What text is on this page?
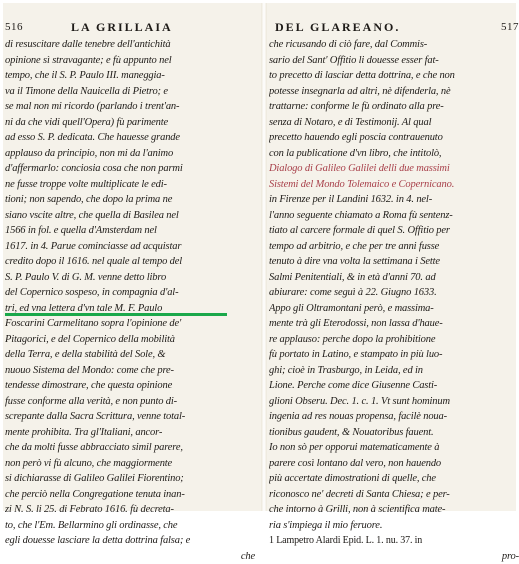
516	LA GRILLAIA
di resuscitare dalle tenebre dell'antichità
opinione sì stravagante; e fù appunto nel
tempo, che il S. P. Paulo III. maneggia-
va il Timone della Nauicella di Pietro; e
se mal non mi ricordo (parlando i trent'an-
ni da che vidi quell'Opera) fù parimente
ad esso S. P. dedicata. Che hauesse grande
applauso da principio, non mi da l'animo
d'affermarlo: conciosia cosa che non parmi
ne fusse troppe volte multiplicate le edi-
tioni; non sapendo, che dopo la prima ne
siano vscite altre, che quella di Basilea nel
1566 in fol. e quella d'Amsterdam nel
1617. in 4. Parue cominciasse ad acquistar
credito dopo il 1616. nel quale al tempo del
S. P. Paulo V. di G. M. venne detto libro
del Copernico sospeso, in compagnia d'al-
tri, ed vna lettera d'vn tale M. F. Paulo
Foscarini Carmelitano sopra l'opinione de'
Pitagorici, e del Copernico della mobilità
della Terra, e della stabilità del Sole, &
nuouo Sistema del Mondo: come che pre-
tendesse dimostrare, che questa opinione
fusse conforme alla verità, e non punto di-
screpante dalla Sacra Scrittura, venne total-
mente prohibita. Tra gl'Italiani, ancor-
che da molti fusse abbracciato simil parere,
non però vi fù alcuno, che maggiormente
si dichiarasse di Galileo Galilei Fiorentino;
che perciò nella Congregatione tenuta inan-
zi N. S. li 25. di Febrato 1616. fù decreta-
to, che l'Em. Bellarmino gli ordinasse, che
egli douesse lasciare la detta dottrina falsa; e
che
DEL GLAREANO.	517
che ricusando di ciò fare, dal Commis-
sario del Sant' Offitio li douesse esser fat-
to precetto di lasciar detta dottrina, e che non
potesse insegnarla ad altri, nè difenderla, nè
trattarne: conforme le fù ordinato alla pre-
senza di Notaro, e di Testimonij. Al qual
precetto hauendo egli poscia contrauenuto
con la publicatione d'vn libro, che intitolò,
Dialogo di Galileo Galilei delli due massimi
Sistemi del Mondo Tolemaico e Copernicano.
in Firenze per il Landini 1632. in 4. nel-
l'anno seguente chiamato a Roma fù sentenz-
tiato al carcere formale di quel S. Offitio per
tempo ad arbitrio, e che per tre anni fusse
tenuto à dire vna volta la settimana i Sette
Salmi Penitentiali, & in età d'anni 70. ad
abiurare: come seguì à 22. Giugno 1633.
Appo gli Oltramontani però, e massima-
mente trà gli Eterodossi, non lassa d'haue-
re applauso: perche dopo la prohibitione
fù portato in Latino, e stampato in più luo-
ghi; cioè in Trasburgo, in Leida, ed in
Lione. Perche come dice Giusenne Casti-
glioni Obseru. Dec. 1. c. 1. Vt sunt hominum
ingenia ad res nouas propensa, facilè noua-
tionibus gaudent, & Nouatoribus fauent.
Io non sò per opporui matematicamente à
parere così lontano dal vero, non hauendo
più accertate dimostrationi di quelle, che
riconosco ne' decreti di Santa Chiesa; e per-
che intorno à Grilli, non à scientifica mate-
ria s'impiega il mio feruore.
1 Lampetro Alardi Epid. L. 1. nu. 37. in
pro-
